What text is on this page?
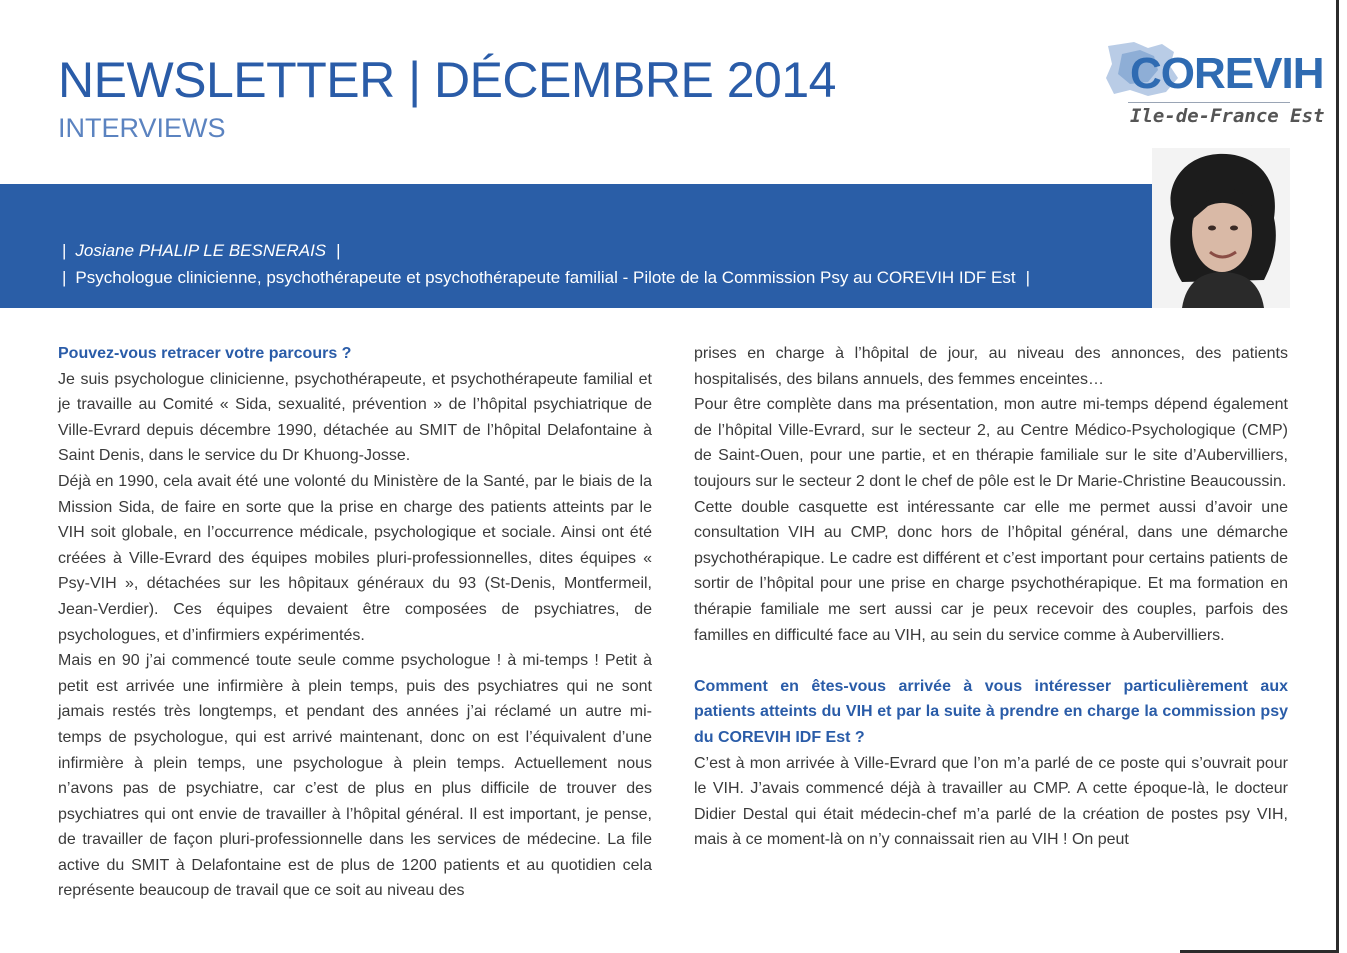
NEWSLETTER | DÉCEMBRE 2014
INTERVIEWS
COREVIH
Ile-de-France Est
| Josiane PHALIP LE BESNERAIS |
| Psychologue clinicienne, psychothérapeute et psychothérapeute familial - Pilote de la Commission Psy au COREVIH IDF Est |

Pouvez-vous retracer votre parcours ?

Je suis psychologue clinicienne, psychothérapeute, et psychothérapeute familial et je travaille au Comité « Sida, sexualité, prévention » de l’hôpital psychiatrique de Ville-Evrard depuis décembre 1990, détachée au SMIT de l’hôpital Delafontaine à Saint Denis, dans le service du Dr Khuong-Josse.

Déjà en 1990, cela avait été une volonté du Ministère de la Santé, par le biais de la Mission Sida, de faire en sorte que la prise en charge des patients atteints par le VIH soit globale, en l’occurrence médicale, psychologique et sociale. Ainsi ont été créées à Ville-Evrard des équipes mobiles pluri-professionnelles, dites équipes « Psy-VIH », détachées sur les hôpitaux généraux du 93 (St-Denis, Montfermeil, Jean-Verdier). Ces équipes devaient être composées de psychiatres, de psychologues, et d’infirmiers expérimentés.

Mais en 90 j’ai commencé toute seule comme psychologue ! à mi-temps ! Petit à petit est arrivée une infirmière à plein temps, puis des psychiatres qui ne sont jamais restés très longtemps, et pendant des années j’ai réclamé un autre mi-temps de psychologue, qui est arrivé maintenant, donc on est l’équivalent d’une infirmière à plein temps, une psychologue à plein temps. Actuellement nous n’avons pas de psychiatre, car c’est de plus en plus difficile de trouver des psychiatres qui ont envie de travailler à l’hôpital général. Il est important, je pense, de travailler de façon pluri-professionnelle dans les services de médecine. La file active du SMIT à Delafontaine est de plus de 1200 patients et au quotidien cela représente beaucoup de travail que ce soit au niveau des

prises en charge à l’hôpital de jour, au niveau des annonces, des patients hospitalisés, des bilans annuels, des femmes enceintes…

Pour être complète dans ma présentation, mon autre mi-temps dépend également de l’hôpital Ville-Evrard, sur le secteur 2, au Centre Médico-Psychologique (CMP) de Saint-Ouen, pour une partie, et en thérapie familiale sur le site d’Aubervilliers, toujours sur le secteur 2 dont le chef de pôle est le Dr Marie-Christine Beaucoussin.

Cette double casquette est intéressante car elle me permet aussi d’avoir une consultation VIH au CMP, donc hors de l’hôpital général, dans une démarche psychothérapique. Le cadre est différent et c’est important pour certains patients de sortir de l’hôpital pour une prise en charge psychothérapique. Et ma formation en thérapie familiale me sert aussi car je peux recevoir des couples, parfois des familles en difficulté face au VIH, au sein du service comme à Aubervilliers.

Comment en êtes-vous arrivée à vous intéresser particulièrement aux patients atteints du VIH et par la suite à prendre en charge la commission psy du COREVIH IDF Est ?

C’est à mon arrivée à Ville-Evrard que l’on m’a parlé de ce poste qui s’ouvrait pour le VIH. J’avais commencé déjà à travailler au CMP. A cette époque-là, le docteur Didier Destal qui était médecin-chef m’a parlé de la création de postes psy VIH, mais à ce moment-là on n’y connaissait rien au VIH ! On peut
